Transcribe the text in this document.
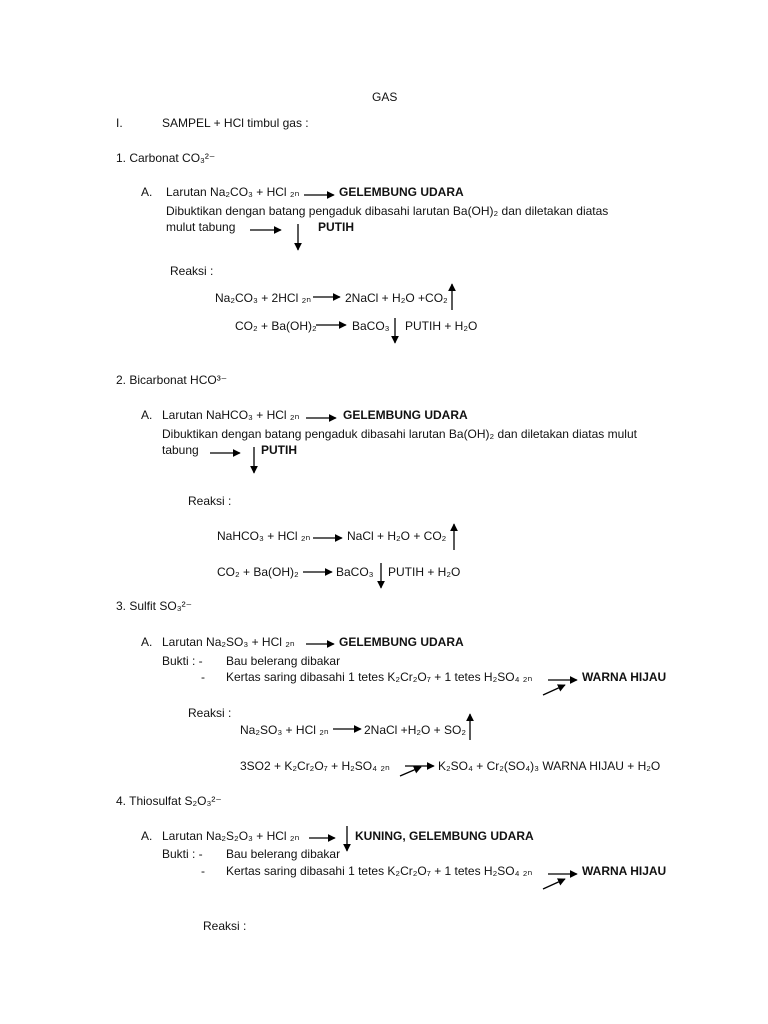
GAS
I.	SAMPEL + HCl timbul gas :
1. Carbonat CO₃²⁻
A. Larutan Na₂CO₃ + HCl ₂ₙ	GELEMBUNG UDARA
Dibuktikan dengan batang pengaduk dibasahi larutan Ba(OH)₂ dan diletakan diatas
mulut tabung	PUTIH
Reaksi :
Na₂CO₃ + 2HCl ₂ₙ	2NaCl + H₂O +CO₂
CO₂ + Ba(OH)₂	BaCO₃ PUTIH + H₂O
2. Bicarbonat HCO³⁻
A. Larutan NaHCO₃ + HCl ₂ₙ	GELEMBUNG UDARA
Dibuktikan dengan batang pengaduk dibasahi larutan Ba(OH)₂ dan diletakan diatas mulut
tabung	PUTIH
Reaksi :
NaHCO₃ + HCl ₂ₙ	NaCl + H₂O + CO₂
CO₂ + Ba(OH)₂	BaCO₃ PUTIH + H₂O
3. Sulfit SO₃²⁻
A. Larutan Na₂SO₃ + HCl ₂ₙ	GELEMBUNG UDARA
Bukti : - Bau belerang dibakar
- Kertas saring dibasahi 1 tetes K₂Cr₂O₇ + 1 tetes H₂SO₄ ₂ₙ	WARNA HIJAU
Reaksi :
Na₂SO₃ + HCl ₂ₙ	2NaCl +H₂O + SO₂
3SO2 + K₂Cr₂O₇ + H₂SO₄ ₂ₙ	K₂SO₄ + Cr₂(SO₄)₃ WARNA HIJAU + H₂O
4. Thiosulfat S₂O₃²⁻
A. Larutan Na₂S₂O₃ + HCl ₂ₙ	KUNING, GELEMBUNG UDARA
Bukti : - Bau belerang dibakar
- Kertas saring dibasahi 1 tetes K₂Cr₂O₇ + 1 tetes H₂SO₄ ₂ₙ	WARNA HIJAU
Reaksi :
